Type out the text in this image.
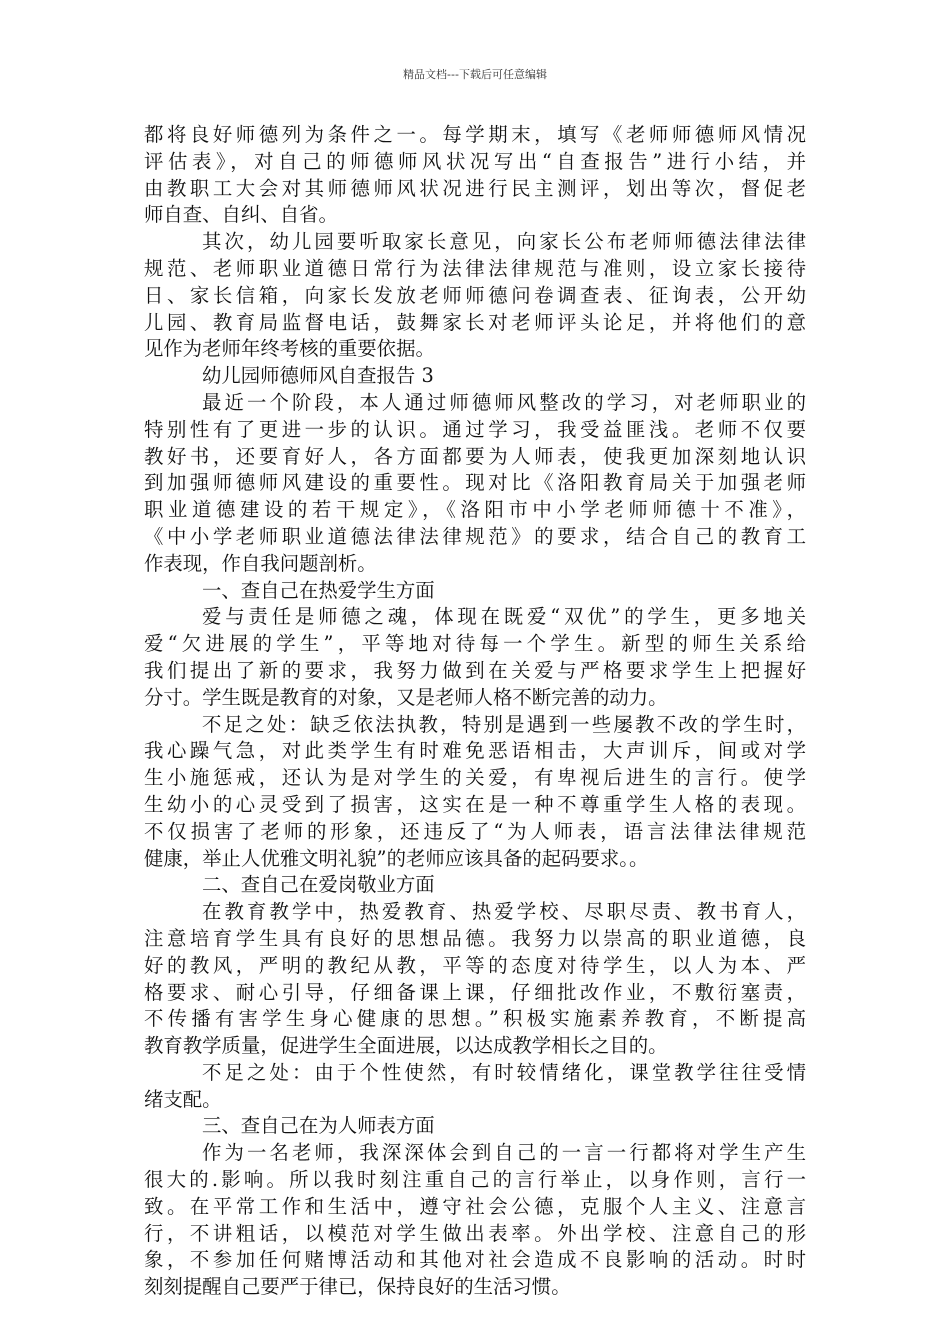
精品文档---下载后可任意编辑
都将良好师德列为条件之一。每学期末，填写《老师师德师风情况
评估表》，对自己的师德师风状况写出“自查报告”进行小结，并
由教职工大会对其师德师风状况进行民主测评，划出等次，督促老
师自查、自纠、自省。
其次，幼儿园要听取家长意见，向家长公布老师师德法律法律
规范、老师职业道德日常行为法律法律规范与准则，设立家长接待
日、家长信箱，向家长发放老师师德问卷调查表、征询表，公开幼
儿园、教育局监督电话，鼓舞家长对老师评头论足，并将他们的意
见作为老师年终考核的重要依据。
幼儿园师德师风自查报告 3
最近一个阶段，本人通过师德师风整改的学习，对老师职业的
特别性有了更进一步的认识。通过学习，我受益匪浅。老师不仅要
教好书，还要育好人，各方面都要为人师表，使我更加深刻地认识
到加强师德师风建设的重要性。现对比《洛阳教育局关于加强老师
职业道德建设的若干规定》，《洛阳市中小学老师师德十不准》，
《中小学老师职业道德法律法律规范》的要求，结合自己的教育工
作表现，作自我问题剖析。
一、查自己在热爱学生方面
爱与责任是师德之魂，体现在既爱“双优”的学生，更多地关
爱“欠进展的学生”，平等地对待每一个学生。新型的师生关系给
我们提出了新的要求，我努力做到在关爱与严格要求学生上把握好
分寸。学生既是教育的对象，又是老师人格不断完善的动力。
不足之处：缺乏依法执教，特别是遇到一些屡教不改的学生时，
我心躁气急，对此类学生有时难免恶语相击，大声训斥，间或对学
生小施惩戒，还认为是对学生的关爱，有卑视后进生的言行。使学
生幼小的心灵受到了损害，这实在是一种不尊重学生人格的表现。
不仅损害了老师的形象，还违反了“为人师表，语言法律法律规范
健康，举止人优雅文明礼貌”的老师应该具备的起码要求。。
二、查自己在爱岗敬业方面
在教育教学中，热爱教育、热爱学校、尽职尽责、教书育人，
注意培育学生具有良好的思想品德。我努力以崇高的职业道德，良
好的教风，严明的教纪从教，平等的态度对待学生，以人为本、严
格要求、耐心引导，仔细备课上课，仔细批改作业，不敷衍塞责，
不传播有害学生身心健康的思想。”积极实施素养教育，不断提高
教育教学质量，促进学生全面进展，以达成教学相长之目的。
不足之处：由于个性使然，有时较情绪化，课堂教学往往受情
绪支配。
三、查自己在为人师表方面
作为一名老师，我深深体会到自己的一言一行都将对学生产生
很大的.影响。所以我时刻注重自己的言行举止，以身作则，言行一
致。在平常工作和生活中，遵守社会公德，克服个人主义、注意言
行，不讲粗话，以模范对学生做出表率。外出学校、注意自己的形
象，不参加任何赌博活动和其他对社会造成不良影响的活动。时时
刻刻提醒自己要严于律已，保持良好的生活习惯。
